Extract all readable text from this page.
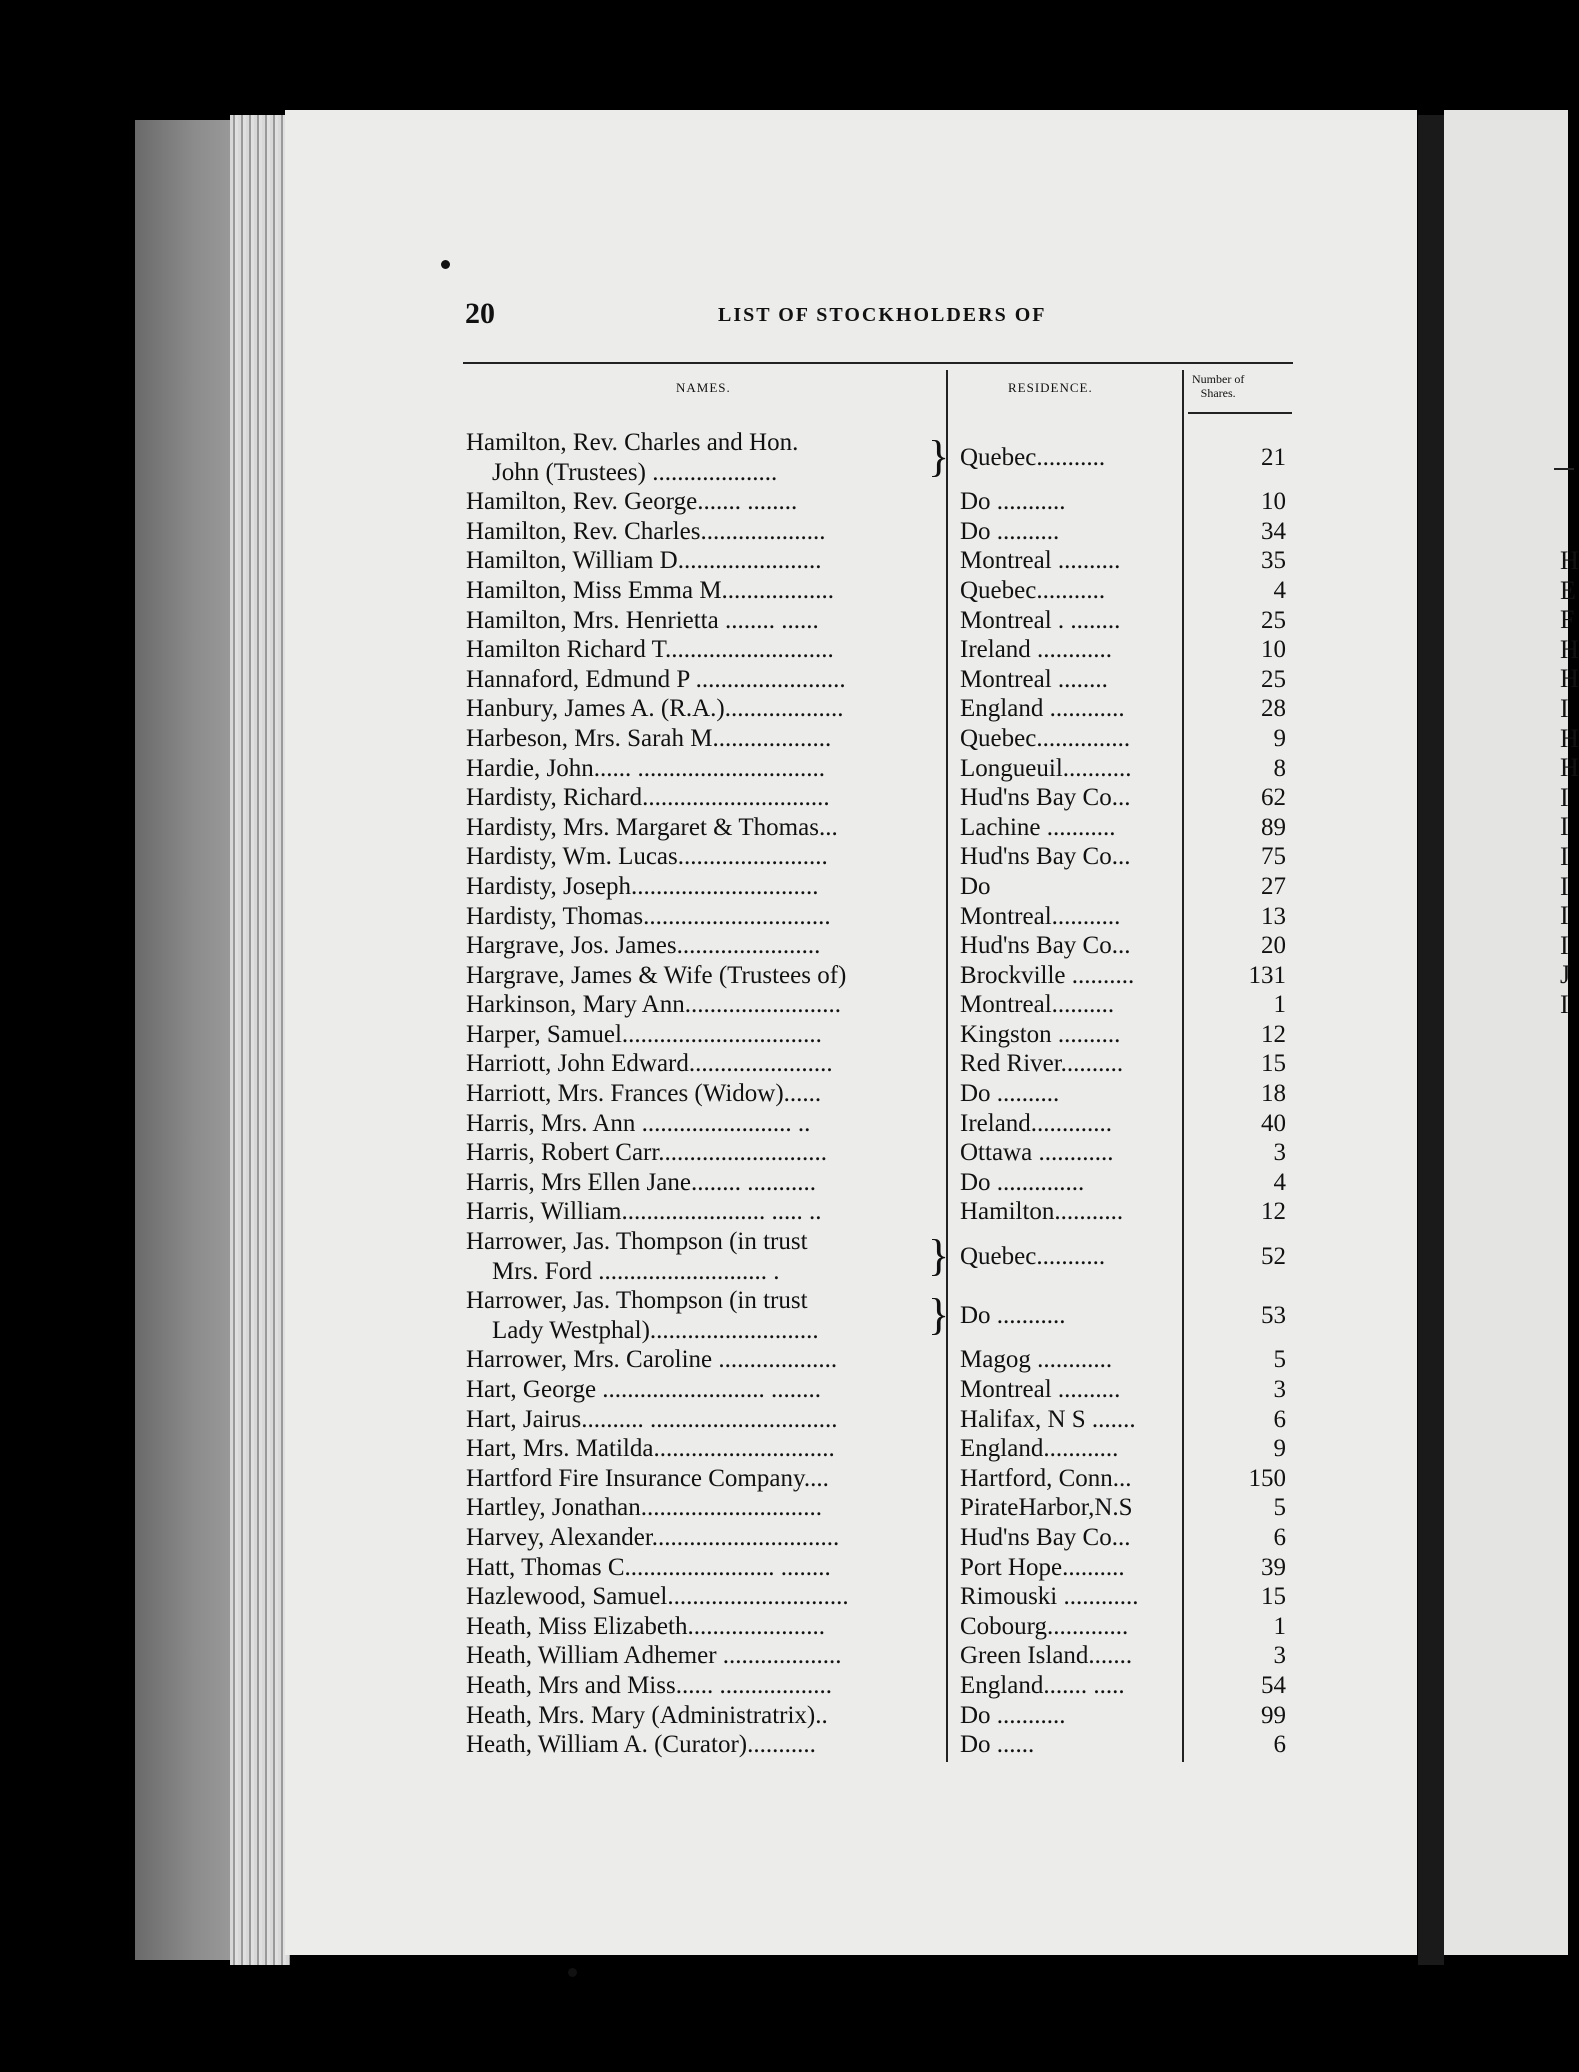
H
E
F
H
H
I
H
H
I
I
I
I
I
I
J
I
20	LIST OF STOCKHOLDERS OF
NAMES.	RESIDENCE.
Number of
Shares.
}
Hamilton, Rev. Charles and Hon.
John (Trustees) ....................
Quebec...........	21
Hamilton, Rev. George....... ........	Do ...........	10
Hamilton, Rev. Charles....................	Do ..........	34
Hamilton, William D.......................	Montreal ..........	35
Hamilton, Miss Emma M..................	Quebec...........	4
Hamilton, Mrs. Henrietta ........ ......	Montreal . ........	25
Hamilton Richard T...........................	Ireland ............	10
Hannaford, Edmund P ........................	Montreal ........	25
Hanbury, James A. (R.A.)...................	England ............	28
Harbeson, Mrs. Sarah M...................	Quebec...............	9
Hardie, John...... ..............................	Longueuil...........	8
Hardisty, Richard..............................	Hud'ns Bay Co...	62
Hardisty, Mrs. Margaret & Thomas...	Lachine ...........	89
Hardisty, Wm. Lucas........................	Hud'ns Bay Co...	75
Hardisty, Joseph..............................	Do	27
Hardisty, Thomas..............................	Montreal...........	13
Hargrave, Jos. James.......................	Hud'ns Bay Co...	20
Hargrave, James & Wife (Trustees of)	Brockville ..........	131
Harkinson, Mary Ann.........................	Montreal..........	1
Harper, Samuel................................	Kingston ..........	12
Harriott, John Edward.......................	Red River..........	15
Harriott, Mrs. Frances (Widow)......	Do ..........	18
Harris, Mrs. Ann ........................ ..	Ireland.............	40
Harris, Robert Carr...........................	Ottawa ............	3
Harris, Mrs Ellen Jane........ ...........	Do ..............	4
Harris, William....................... ..... ..	Hamilton...........	12
}
Harrower, Jas. Thompson (in trust
Mrs. Ford ........................... .
Quebec...........	52
}
Harrower, Jas. Thompson (in trust
Lady Westphal)...........................
Do ...........	53
Harrower, Mrs. Caroline ...................	Magog ............	5
Hart, George .......................... ........	Montreal ..........	3
Hart, Jairus.......... ..............................	Halifax, N S .......	6
Hart, Mrs. Matilda.............................	England............	9
Hartford Fire Insurance Company....	Hartford, Conn...	150
Hartley, Jonathan.............................	PirateHarbor,N.S	5
Harvey, Alexander..............................	Hud'ns Bay Co...	6
Hatt, Thomas C........................ ........	Port Hope..........	39
Hazlewood, Samuel.............................	Rimouski ............	15
Heath, Miss Elizabeth......................	Cobourg.............	1
Heath, William Adhemer ...................	Green Island.......	3
Heath, Mrs and Miss...... ..................	England....... .....	54
Heath, Mrs. Mary (Administratrix)..	Do ...........	99
Heath, William A. (Curator)...........	Do ......	6
